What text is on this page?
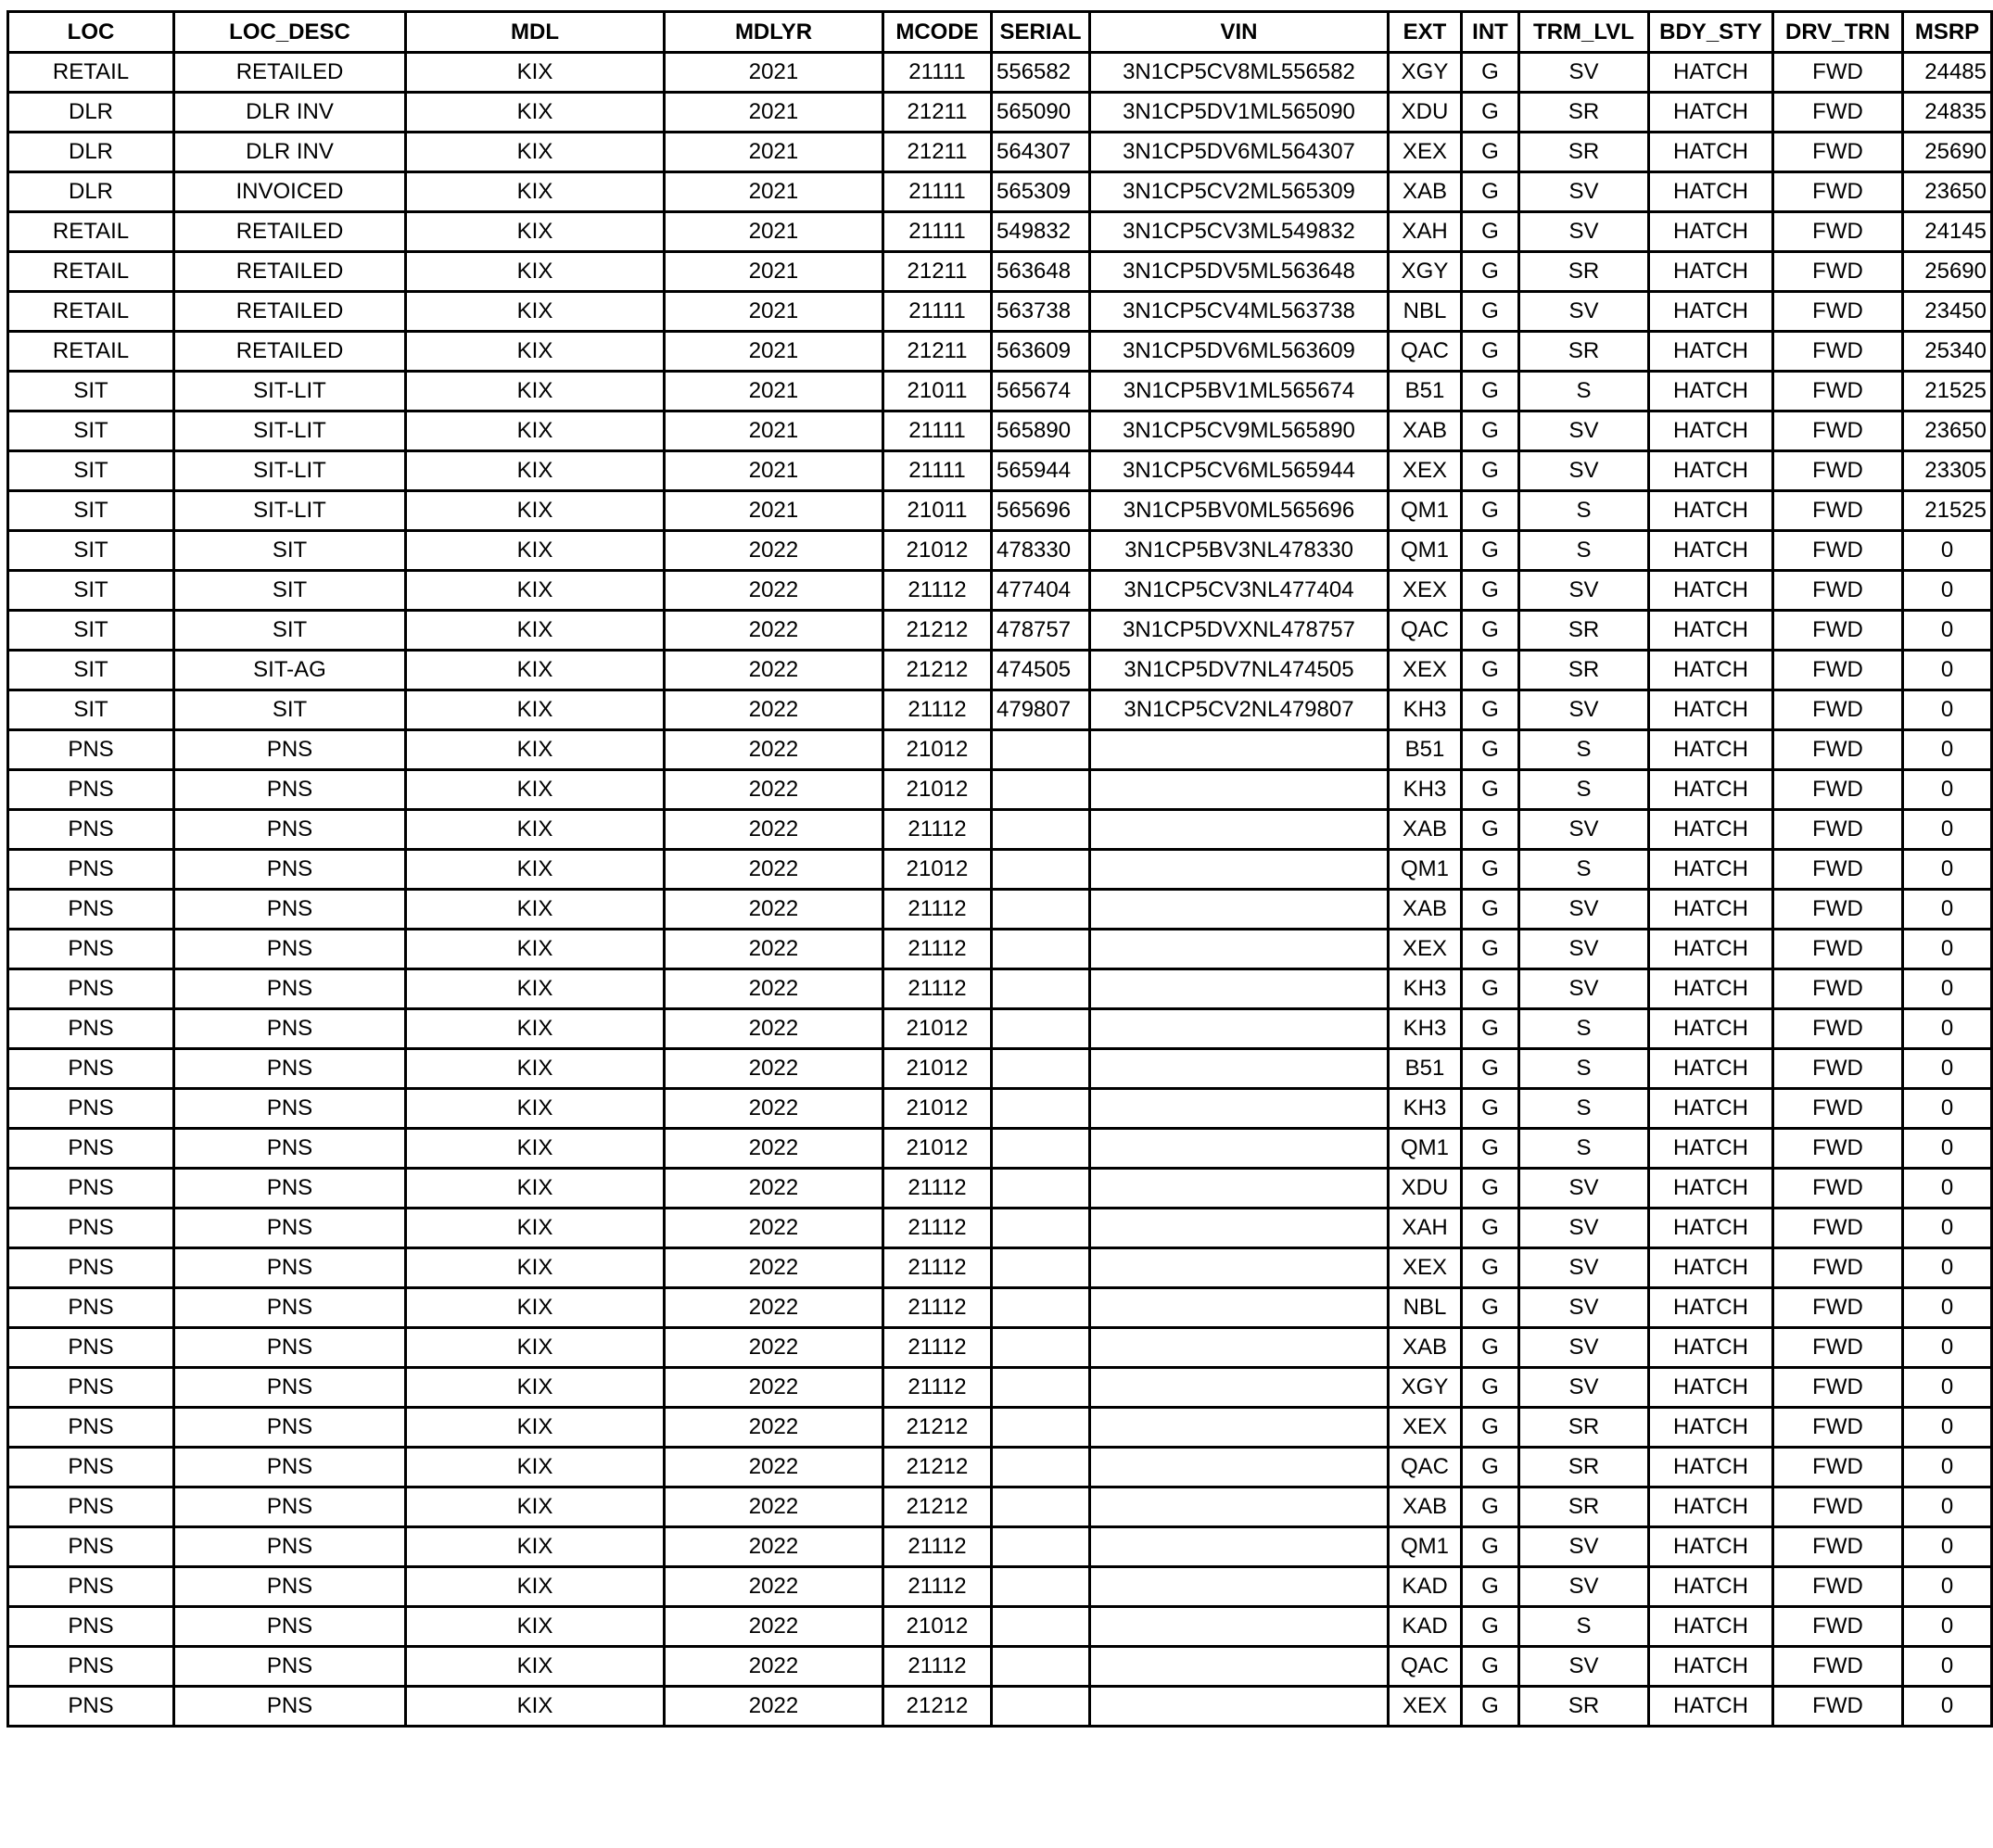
LOC	LOC_DESC	MDL	MDLYR	MCODE	SERIAL	VIN	EXT	INT	TRM_LVL	BDY_STY	DRV_TRN	MSRP
RETAIL	RETAILED	KIX	2021	21111	556582	3N1CP5CV8ML556582	XGY	G	SV	HATCH	FWD	24485
DLR	DLR INV	KIX	2021	21211	565090	3N1CP5DV1ML565090	XDU	G	SR	HATCH	FWD	24835
DLR	DLR INV	KIX	2021	21211	564307	3N1CP5DV6ML564307	XEX	G	SR	HATCH	FWD	25690
DLR	INVOICED	KIX	2021	21111	565309	3N1CP5CV2ML565309	XAB	G	SV	HATCH	FWD	23650
RETAIL	RETAILED	KIX	2021	21111	549832	3N1CP5CV3ML549832	XAH	G	SV	HATCH	FWD	24145
RETAIL	RETAILED	KIX	2021	21211	563648	3N1CP5DV5ML563648	XGY	G	SR	HATCH	FWD	25690
RETAIL	RETAILED	KIX	2021	21111	563738	3N1CP5CV4ML563738	NBL	G	SV	HATCH	FWD	23450
RETAIL	RETAILED	KIX	2021	21211	563609	3N1CP5DV6ML563609	QAC	G	SR	HATCH	FWD	25340
SIT	SIT-LIT	KIX	2021	21011	565674	3N1CP5BV1ML565674	B51	G	S	HATCH	FWD	21525
SIT	SIT-LIT	KIX	2021	21111	565890	3N1CP5CV9ML565890	XAB	G	SV	HATCH	FWD	23650
SIT	SIT-LIT	KIX	2021	21111	565944	3N1CP5CV6ML565944	XEX	G	SV	HATCH	FWD	23305
SIT	SIT-LIT	KIX	2021	21011	565696	3N1CP5BV0ML565696	QM1	G	S	HATCH	FWD	21525
SIT	SIT	KIX	2022	21012	478330	3N1CP5BV3NL478330	QM1	G	S	HATCH	FWD	0
SIT	SIT	KIX	2022	21112	477404	3N1CP5CV3NL477404	XEX	G	SV	HATCH	FWD	0
SIT	SIT	KIX	2022	21212	478757	3N1CP5DVXNL478757	QAC	G	SR	HATCH	FWD	0
SIT	SIT-AG	KIX	2022	21212	474505	3N1CP5DV7NL474505	XEX	G	SR	HATCH	FWD	0
SIT	SIT	KIX	2022	21112	479807	3N1CP5CV2NL479807	KH3	G	SV	HATCH	FWD	0
PNS	PNS	KIX	2022	21012			B51	G	S	HATCH	FWD	0
PNS	PNS	KIX	2022	21012			KH3	G	S	HATCH	FWD	0
PNS	PNS	KIX	2022	21112			XAB	G	SV	HATCH	FWD	0
PNS	PNS	KIX	2022	21012			QM1	G	S	HATCH	FWD	0
PNS	PNS	KIX	2022	21112			XAB	G	SV	HATCH	FWD	0
PNS	PNS	KIX	2022	21112			XEX	G	SV	HATCH	FWD	0
PNS	PNS	KIX	2022	21112			KH3	G	SV	HATCH	FWD	0
PNS	PNS	KIX	2022	21012			KH3	G	S	HATCH	FWD	0
PNS	PNS	KIX	2022	21012			B51	G	S	HATCH	FWD	0
PNS	PNS	KIX	2022	21012			KH3	G	S	HATCH	FWD	0
PNS	PNS	KIX	2022	21012			QM1	G	S	HATCH	FWD	0
PNS	PNS	KIX	2022	21112			XDU	G	SV	HATCH	FWD	0
PNS	PNS	KIX	2022	21112			XAH	G	SV	HATCH	FWD	0
PNS	PNS	KIX	2022	21112			XEX	G	SV	HATCH	FWD	0
PNS	PNS	KIX	2022	21112			NBL	G	SV	HATCH	FWD	0
PNS	PNS	KIX	2022	21112			XAB	G	SV	HATCH	FWD	0
PNS	PNS	KIX	2022	21112			XGY	G	SV	HATCH	FWD	0
PNS	PNS	KIX	2022	21212			XEX	G	SR	HATCH	FWD	0
PNS	PNS	KIX	2022	21212			QAC	G	SR	HATCH	FWD	0
PNS	PNS	KIX	2022	21212			XAB	G	SR	HATCH	FWD	0
PNS	PNS	KIX	2022	21112			QM1	G	SV	HATCH	FWD	0
PNS	PNS	KIX	2022	21112			KAD	G	SV	HATCH	FWD	0
PNS	PNS	KIX	2022	21012			KAD	G	S	HATCH	FWD	0
PNS	PNS	KIX	2022	21112			QAC	G	SV	HATCH	FWD	0
PNS	PNS	KIX	2022	21212			XEX	G	SR	HATCH	FWD	0
